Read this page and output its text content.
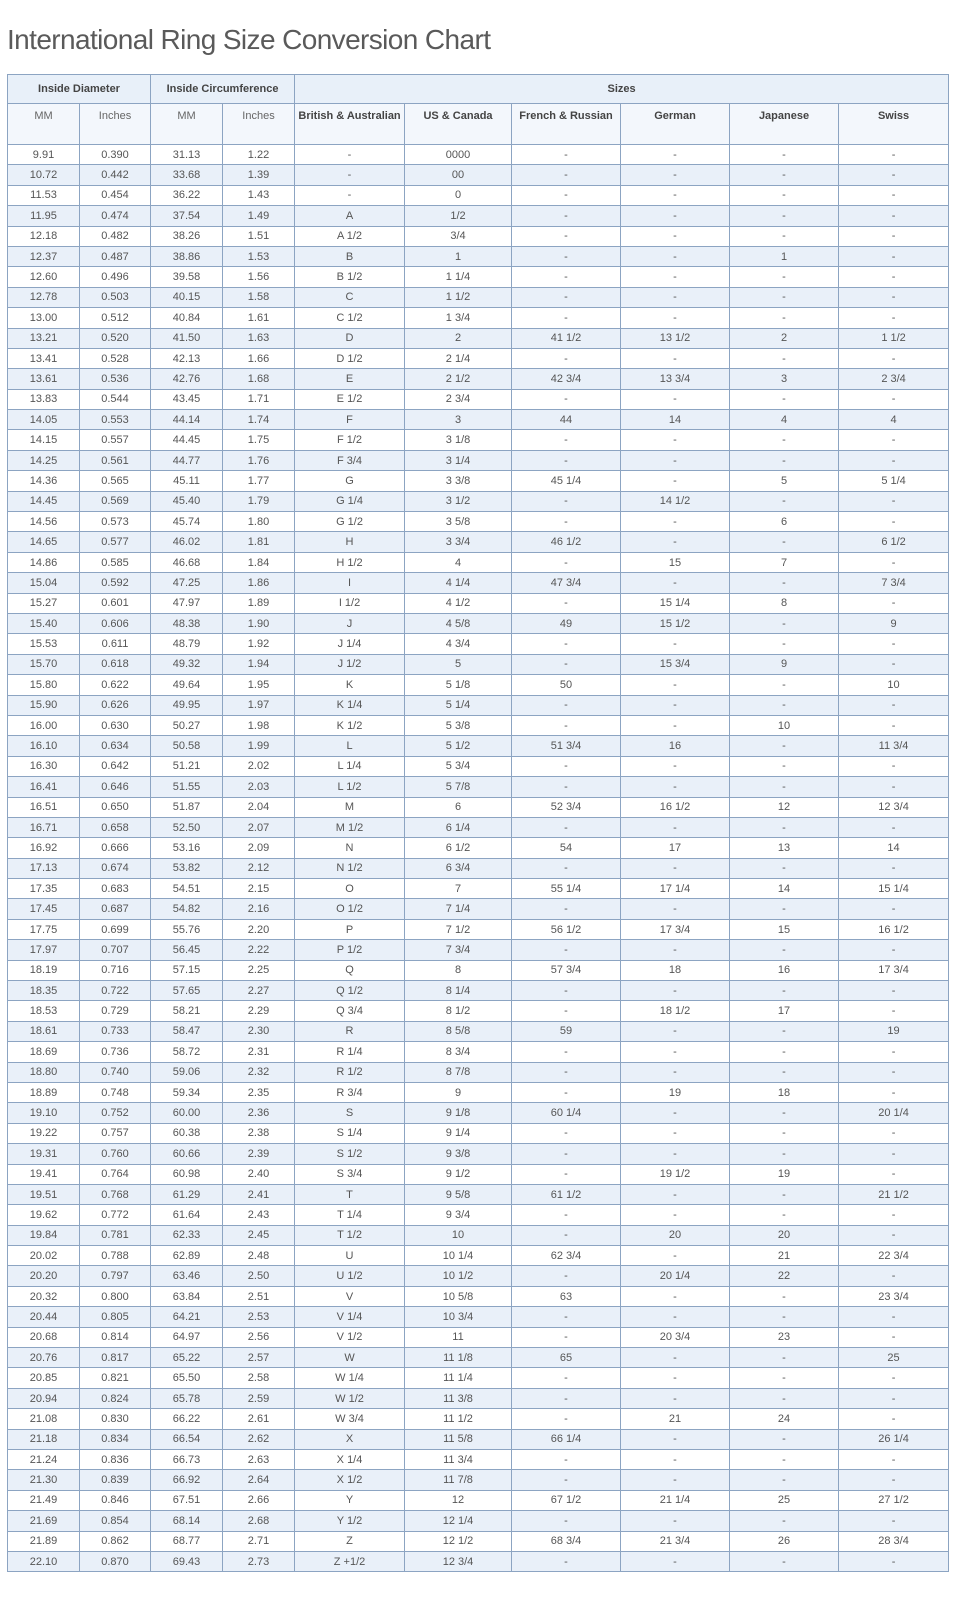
International Ring Size Conversion Chart
Inside Diameter		Inside Circumference		Sizes					
MM	Inches	MM	Inches	British & Australian	US & Canada	French & Russian	German	Japanese	Swiss
9.91	0.390	31.13	1.22	-	0000	-	-	-	-
10.72	0.442	33.68	1.39	-	00	-	-	-	-
11.53	0.454	36.22	1.43	-	0	-	-	-	-
11.95	0.474	37.54	1.49	A	1/2	-	-	-	-
12.18	0.482	38.26	1.51	A 1/2	3/4	-	-	-	-
12.37	0.487	38.86	1.53	B	1	-	-	1	-
12.60	0.496	39.58	1.56	B 1/2	1 1/4	-	-	-	-
12.78	0.503	40.15	1.58	C	1 1/2	-	-	-	-
13.00	0.512	40.84	1.61	C 1/2	1 3/4	-	-	-	-
13.21	0.520	41.50	1.63	D	2	41 1/2	13 1/2	2	1 1/2
13.41	0.528	42.13	1.66	D 1/2	2 1/4	-	-	-	-
13.61	0.536	42.76	1.68	E	2 1/2	42 3/4	13 3/4	3	2 3/4
13.83	0.544	43.45	1.71	E 1/2	2 3/4	-	-	-	-
14.05	0.553	44.14	1.74	F	3	44	14	4	4
14.15	0.557	44.45	1.75	F 1/2	3 1/8	-	-	-	-
14.25	0.561	44.77	1.76	F 3/4	3 1/4	-	-	-	-
14.36	0.565	45.11	1.77	G	3 3/8	45 1/4	-	5	5 1/4
14.45	0.569	45.40	1.79	G 1/4	3 1/2	-	14 1/2	-	-
14.56	0.573	45.74	1.80	G 1/2	3 5/8	-	-	6	-
14.65	0.577	46.02	1.81	H	3 3/4	46 1/2	-	-	6 1/2
14.86	0.585	46.68	1.84	H 1/2	4	-	15	7	-
15.04	0.592	47.25	1.86	I	4 1/4	47 3/4	-	-	7 3/4
15.27	0.601	47.97	1.89	I 1/2	4 1/2	-	15 1/4	8	-
15.40	0.606	48.38	1.90	J	4 5/8	49	15 1/2	-	9
15.53	0.611	48.79	1.92	J 1/4	4 3/4	-	-	-	-
15.70	0.618	49.32	1.94	J 1/2	5	-	15 3/4	9	-
15.80	0.622	49.64	1.95	K	5 1/8	50	-	-	10
15.90	0.626	49.95	1.97	K 1/4	5 1/4	-	-	-	-
16.00	0.630	50.27	1.98	K 1/2	5 3/8	-	-	10	-
16.10	0.634	50.58	1.99	L	5 1/2	51 3/4	16	-	11 3/4
16.30	0.642	51.21	2.02	L 1/4	5 3/4	-	-	-	-
16.41	0.646	51.55	2.03	L 1/2	5 7/8	-	-	-	-
16.51	0.650	51.87	2.04	M	6	52 3/4	16 1/2	12	12 3/4
16.71	0.658	52.50	2.07	M 1/2	6 1/4	-	-	-	-
16.92	0.666	53.16	2.09	N	6 1/2	54	17	13	14
17.13	0.674	53.82	2.12	N 1/2	6 3/4	-	-	-	-
17.35	0.683	54.51	2.15	O	7	55 1/4	17 1/4	14	15 1/4
17.45	0.687	54.82	2.16	O 1/2	7 1/4	-	-	-	-
17.75	0.699	55.76	2.20	P	7 1/2	56 1/2	17 3/4	15	16 1/2
17.97	0.707	56.45	2.22	P 1/2	7 3/4	-	-	-	-
18.19	0.716	57.15	2.25	Q	8	57 3/4	18	16	17 3/4
18.35	0.722	57.65	2.27	Q 1/2	8 1/4	-	-	-	-
18.53	0.729	58.21	2.29	Q 3/4	8 1/2	-	18 1/2	17	-
18.61	0.733	58.47	2.30	R	8 5/8	59	-	-	19
18.69	0.736	58.72	2.31	R 1/4	8 3/4	-	-	-	-
18.80	0.740	59.06	2.32	R 1/2	8 7/8	-	-	-	-
18.89	0.748	59.34	2.35	R 3/4	9	-	19	18	-
19.10	0.752	60.00	2.36	S	9 1/8	60 1/4	-	-	20 1/4
19.22	0.757	60.38	2.38	S 1/4	9 1/4	-	-	-	-
19.31	0.760	60.66	2.39	S 1/2	9 3/8	-	-	-	-
19.41	0.764	60.98	2.40	S 3/4	9 1/2	-	19 1/2	19	-
19.51	0.768	61.29	2.41	T	9 5/8	61 1/2	-	-	21 1/2
19.62	0.772	61.64	2.43	T 1/4	9 3/4	-	-	-	-
19.84	0.781	62.33	2.45	T 1/2	10	-	20	20	-
20.02	0.788	62.89	2.48	U	10 1/4	62 3/4	-	21	22 3/4
20.20	0.797	63.46	2.50	U 1/2	10 1/2	-	20 1/4	22	-
20.32	0.800	63.84	2.51	V	10 5/8	63	-	-	23 3/4
20.44	0.805	64.21	2.53	V 1/4	10 3/4	-	-	-	-
20.68	0.814	64.97	2.56	V 1/2	11	-	20 3/4	23	-
20.76	0.817	65.22	2.57	W	11 1/8	65	-	-	25
20.85	0.821	65.50	2.58	W 1/4	11 1/4	-	-	-	-
20.94	0.824	65.78	2.59	W 1/2	11 3/8	-	-	-	-
21.08	0.830	66.22	2.61	W 3/4	11 1/2	-	21	24	-
21.18	0.834	66.54	2.62	X	11 5/8	66 1/4	-	-	26 1/4
21.24	0.836	66.73	2.63	X 1/4	11 3/4	-	-	-	-
21.30	0.839	66.92	2.64	X 1/2	11 7/8	-	-	-	-
21.49	0.846	67.51	2.66	Y	12	67 1/2	21 1/4	25	27 1/2
21.69	0.854	68.14	2.68	Y 1/2	12 1/4	-	-	-	-
21.89	0.862	68.77	2.71	Z	12 1/2	68 3/4	21 3/4	26	28 3/4
22.10	0.870	69.43	2.73	Z +1/2	12 3/4	-	-	-	-
